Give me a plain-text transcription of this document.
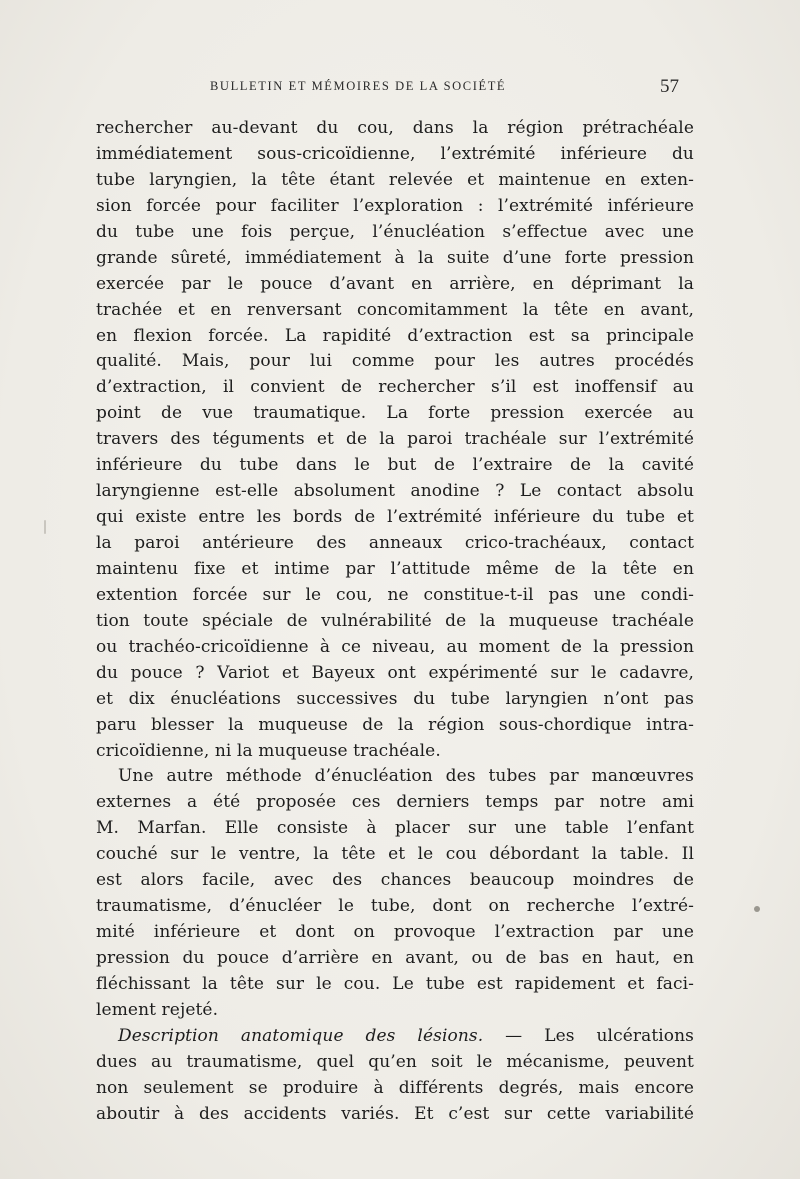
BULLETIN ET MÉMOIRES DE LA SOCIÉTÉ	57
rechercher au-devant du cou, dans la région prétrachéale
immédiatement sous-cricoïdienne, l’extrémité inférieure du
tube laryngien, la tête étant relevée et maintenue en exten-
sion forcée pour faciliter l’exploration : l’extrémité inférieure
du tube une fois perçue, l’énucléation s’effectue avec une
grande sûreté, immédiatement à la suite d’une forte pression
exercée par le pouce d’avant en arrière, en déprimant la
trachée et en renversant concomitamment la tête en avant,
en flexion forcée. La rapidité d’extraction est sa principale
qualité. Mais, pour lui comme pour les autres procédés
d’extraction, il convient de rechercher s’il est inoffensif au
point de vue traumatique. La forte pression exercée au
travers des téguments et de la paroi trachéale sur l’extrémité
inférieure du tube dans le but de l’extraire de la cavité
laryngienne est-elle absolument anodine ? Le contact absolu
qui existe entre les bords de l’extrémité inférieure du tube et
la paroi antérieure des anneaux crico-trachéaux, contact
maintenu fixe et intime par l’attitude même de la tête en
extention forcée sur le cou, ne constitue-t-il pas une condi-
tion toute spéciale de vulnérabilité de la muqueuse trachéale
ou trachéo-cricoïdienne à ce niveau, au moment de la pression
du pouce ? Variot et Bayeux ont expérimenté sur le cadavre,
et dix énucléations successives du tube laryngien n’ont pas
paru blesser la muqueuse de la région sous-chordique intra-
cricoïdienne, ni la muqueuse trachéale.
Une autre méthode d’énucléation des tubes par manœuvres
externes a été proposée ces derniers temps par notre ami
M. Marfan. Elle consiste à placer sur une table l’enfant
couché sur le ventre, la tête et le cou débordant la table. Il
est alors facile, avec des chances beaucoup moindres de
traumatisme, d’énucléer le tube, dont on recherche l’extré-
mité inférieure et dont on provoque l’extraction par une
pression du pouce d’arrière en avant, ou de bas en haut, en
fléchissant la tête sur le cou. Le tube est rapidement et faci-
lement rejeté.
Description anatomique des lésions. — Les ulcérations
dues au traumatisme, quel qu’en soit le mécanisme, peuvent
non seulement se produire à différents degrés, mais encore
aboutir à des accidents variés. Et c’est sur cette variabilité
